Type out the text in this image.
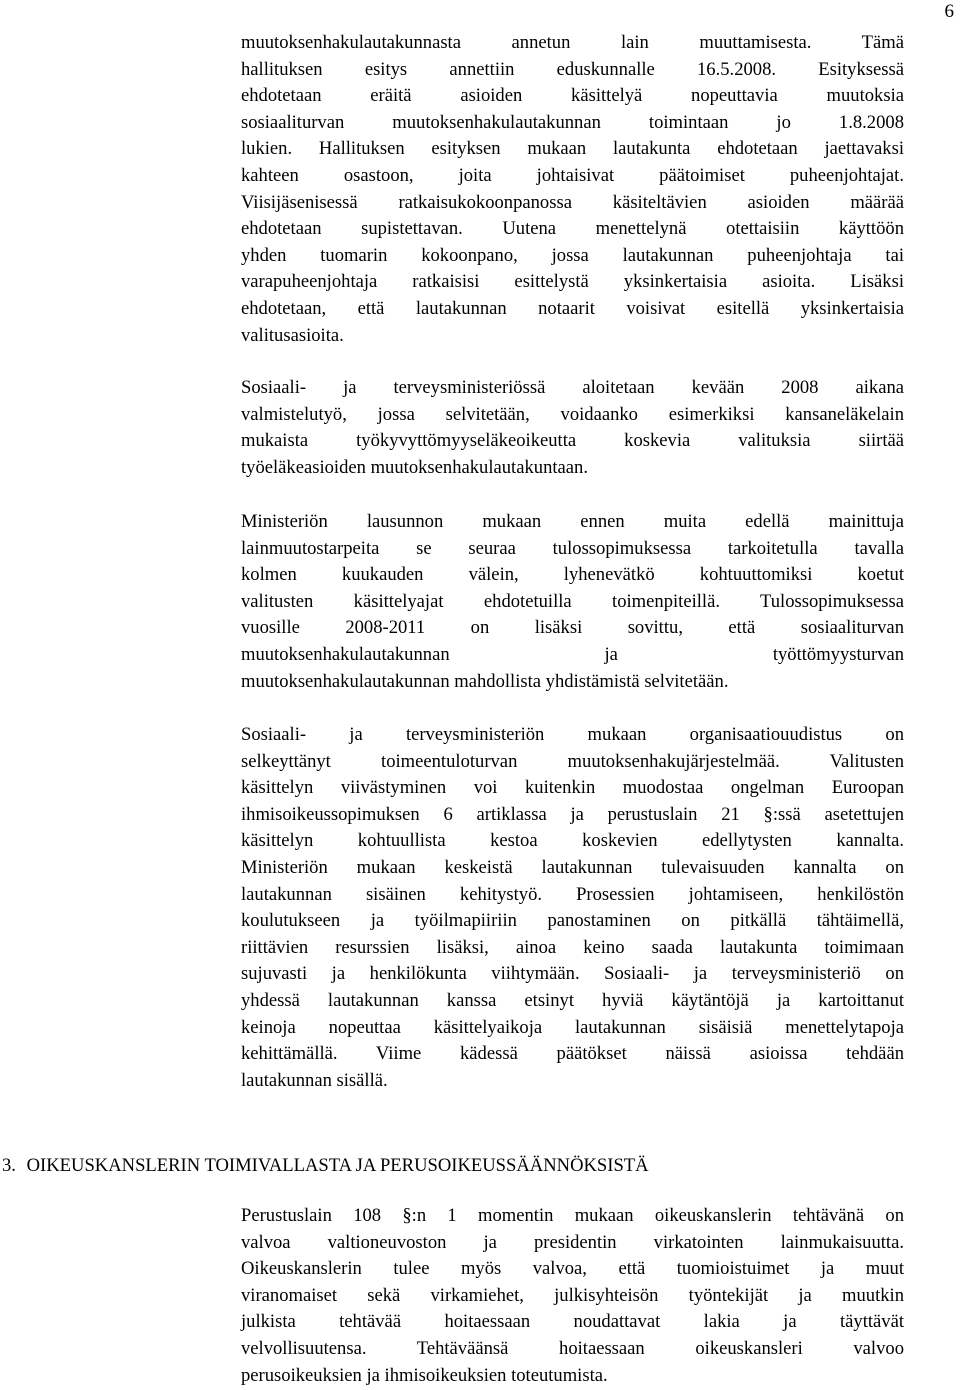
6
muutoksenhakulautakunnasta annetun lain muuttamisesta. Tämä
hallituksen esitys annettiin eduskunnalle 16.5.2008. Esityksessä
ehdotetaan eräitä asioiden käsittelyä nopeuttavia muutoksia
sosiaaliturvan muutoksenhakulautakunnan toimintaan jo 1.8.2008
lukien. Hallituksen esityksen mukaan lautakunta ehdotetaan jaettavaksi
kahteen osastoon, joita johtaisivat päätoimiset puheenjohtajat.
Viisijäsenisessä ratkaisukokoonpanossa käsiteltävien asioiden määrää
ehdotetaan supistettavan. Uutena menettelynä otettaisiin käyttöön
yhden tuomarin kokoonpano, jossa lautakunnan puheenjohtaja tai
varapuheenjohtaja ratkaisisi esittelystä yksinkertaisia asioita. Lisäksi
ehdotetaan, että lautakunnan notaarit voisivat esitellä yksinkertaisia
valitusasioita.
Sosiaali- ja terveysministeriössä aloitetaan kevään 2008 aikana
valmistelutyö, jossa selvitetään, voidaanko esimerkiksi kansaneläkelain
mukaista työkyvyttömyyseläkeoikeutta koskevia valituksia siirtää
työeläkeasioiden muutoksenhakulautakuntaan.
Ministeriön lausunnon mukaan ennen muita edellä mainittuja
lainmuutostarpeita se seuraa tulossopimuksessa tarkoitetulla tavalla
kolmen kuukauden välein, lyhenevätkö kohtuuttomiksi koetut
valitusten käsittelyajat ehdotetuilla toimenpiteillä. Tulossopimuksessa
vuosille 2008-2011 on lisäksi sovittu, että sosiaaliturvan
muutoksenhakulautakunnan ja työttömyysturvan
muutoksenhakulautakunnan mahdollista yhdistämistä selvitetään.
Sosiaali- ja terveysministeriön mukaan organisaatiouudistus on
selkeyttänyt toimeentuloturvan muutoksenhakujärjestelmää. Valitusten
käsittelyn viivästyminen voi kuitenkin muodostaa ongelman Euroopan
ihmisoikeussopimuksen 6 artiklassa ja perustuslain 21 §:ssä asetettujen
käsittelyn kohtuullista kestoa koskevien edellytysten kannalta.
Ministeriön mukaan keskeistä lautakunnan tulevaisuuden kannalta on
lautakunnan sisäinen kehitystyö. Prosessien johtamiseen, henkilöstön
koulutukseen ja työilmapiiriin panostaminen on pitkällä tähtäimellä,
riittävien resurssien lisäksi, ainoa keino saada lautakunta toimimaan
sujuvasti ja henkilökunta viihtymään. Sosiaali- ja terveysministeriö on
yhdessä lautakunnan kanssa etsinyt hyviä käytäntöjä ja kartoittanut
keinoja nopeuttaa käsittelyaikoja lautakunnan sisäisiä menettelytapoja
kehittämällä. Viime kädessä päätökset näissä asioissa tehdään
lautakunnan sisällä.
3. OIKEUSKANSLERIN TOIMIVALLASTA JA PERUSOIKEUSSÄÄNNÖKSISTÄ
Perustuslain 108 §:n 1 momentin mukaan oikeuskanslerin tehtävänä on
valvoa valtioneuvoston ja presidentin virkatointen lainmukaisuutta.
Oikeuskanslerin tulee myös valvoa, että tuomioistuimet ja muut
viranomaiset sekä virkamiehet, julkisyhteisön työntekijät ja muutkin
julkista tehtävää hoitaessaan noudattavat lakia ja täyttävät
velvollisuutensa. Tehtäväänsä hoitaessaan oikeuskansleri valvoo
perusoikeuksien ja ihmisoikeuksien toteutumista.
